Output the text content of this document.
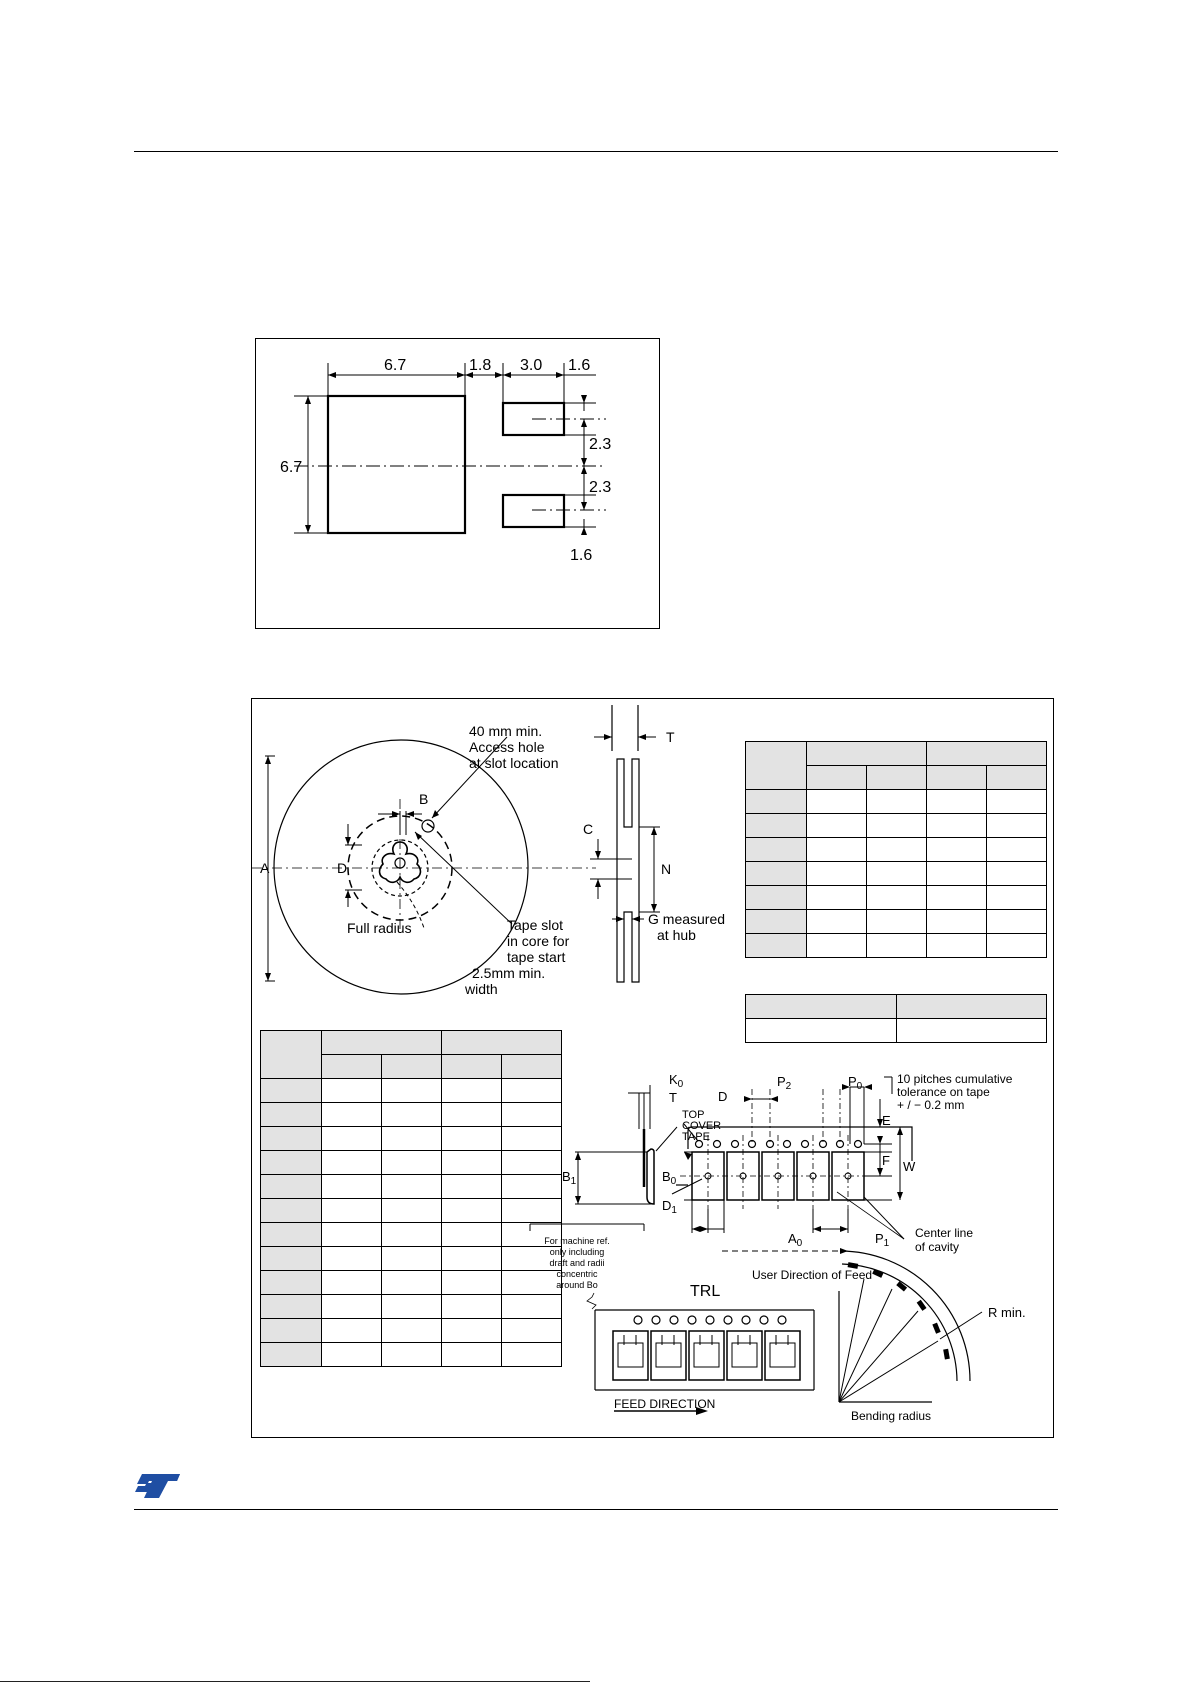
6.7	1.8 3.0 1.6
6.7
2.3
2.3
1.6
40 mm min.
Access hole
at slot location
B
A	D
Full radius	Tape slot
in core for
tape start
2.5mm min.
width
T
C
N
G measured
at hub
$K_0$
T
TOP
COVER
TAPE
$B_1$
For machine ref.
only including
draft and radii
concentric
around Bo
D
$P_2$	$P_0$
10 pitches cumulative
tolerance on tape
+ / − 0.2 mm
E
F W
$B_0$
$D_1$
$A_0$	$P_1$
Center line
of cavity
User Direction of Feed
TRL
FEED DIRECTION
R min.
Bending radius
